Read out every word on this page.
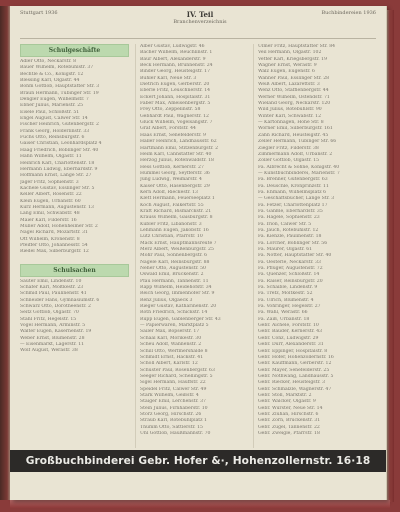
Stuttgart 1936	IV. Teil
Branchenverzeichnis
Buchbindereien 1936
Schulgeschäfte
Adler Otto, Neckarstr. 8
Bauer Wilhelm, Rotebühlstr. 37
Bechtle & Co., Königstr. 12
Blessing Karl, Olgastr. 44
Böhm Gottlob, Hauptstätter Str. 3
Braun Hermann, Tübinger Str. 19
Dengler Eugen, Wilhelmstr. 7
Ebner Julius, Marienstr. 25
Eisele Paul, Schloßstr. 51
Engel August, Calwer Str. 14
Fischer Heinrich, Gutenbergstr. 2
Frank Georg, Hölderlinstr. 33
Fuchs Otto, Reinsburgstr. 6
Gaiser Christian, Leonhardsplatz 4
Haag Friedrich, Böblinger Str. 40
Hahn Wilhelm, Olgastr. 11
Heinrich Karl, Charlottenstr. 18
Hermann Ludwig, Eberhardstr. 9
Hoffmann Ernst, Lange Str. 27
Jäger Fritz, Sophienstr. 3
Kächele Gustav, Esslinger Str. 5
Keller Albert, Rosenstr. 22
Klein Eugen, Urbanstr. 60
Kurz Hermann, Augustenstr. 13
Lang Emil, Schwabstr. 48
Maier Karl, Filderstr. 16
Müller Adolf, Hohenheimer Str. 2
Nagel Richard, Mozartstr. 31
Ott Wilhelm, Kronenstr. 8
Pfeiffer Otto, Johannesstr. 54
Riedel Max, Silberburgstr. 12
Schulsachen
Sauter Emil, Lindenstr. 10
Schäfer Karl, Moltkestr. 23
Schmid Paul, Paulinenstr. 41
Schneider Hans, Gymnasiumstr. 6
Schwarz Otto, Dorotheenstr. 2
Seitz Gottlob, Olgastr. 70
Stahl Fritz, Hegelstr. 15
Vogel Hermann, Arminstr. 5
Walter Eugen, Kasernenstr. 19
Weber Ernst, Blumenstr. 28
— Eisenmarkt, Lagerstr. 11
Wolf August, Werastr. 38
Alber Gustav, Ludwigstr. 46
Bacher Wilhelm, Reuchlinstr. 1
Baur Albert, Alexanderstr. 9
Beck Hermann, Brunnenstr. 24
Binder Georg, Heusteigstr. 17
Bühler Karl, Neue Str. 3
Dietrich Eugen, Gerberstr. 20
Eberle Fritz, Leuschnerstr. 14
Eckert Johann, Hospitalstr. 31
Faber Max, Ameisenbergstr. 5
Frey Otto, Zeppelinstr. 58
Gebhardt Paul, Wagnerstr. 12
Glück Wilhelm, Vogelsangstr. 7
Graf Albert, Forststr. 44
Haas Ernst, Senefelderstr. 9
Haller Heinrich, Landhausstr. 62
Hartmann Emil, Stitzenburgstr. 2
Heim Karl, Cannstatter Str. 40
Herzog Julius, Rotenwaldstr. 18
Hess Gottlob, Kernerstr. 27
Hummel Georg, Seyfferstr. 36
Jung Ludwig, Weimarstr. 4
Kaiser Otto, Hasenbergstr. 29
Kern Adolf, Rieckestr. 13
Klett Hermann, Feuerseeplatz 1
Koch August, Falkertstr. 55
Kraft Richard, Bismarckstr. 21
Krauss Wilhelm, Gaisburgstr. 8
Kübler Fritz, Libanonstr. 3
Lehmann Eugen, Jakobstr. 16
Lutz Christian, Pfarrstr. 10
Mack Ernst, Hauptmannsreute 7
Merz Albert, Weißenburgstr. 25
Mohr Paul, Sonnenbergstr. 6
Nägele Karl, Reinsburgstr. 88
Neher Otto, Augustenstr. 50
Oswald Emil, Brückenstr. 2
Pfau Hermann, Tannenstr. 11
Rapp Wilhelm, Heidehofstr. 34
Reich Georg, Immenhofer Str. 9
Renz Julius, Olgaeck 3
Rieger Gustav, Katharinenstr. 20
Roth Friedrich, Schickstr. 14
Rupp Eugen, Gablenberger Str. 43
— Papierwaren, Marktplatz 5
Sailer Max, Bopserstr. 17
Schaal Karl, Mörikestr. 30
Scheu Adolf, Wannenstr. 2
Schill Otto, Werfmershalde 8
Schmidt Ernst, Hackstr. 41
Schöll Albert, Karlstr. 12
Schuster Paul, Rosenbergstr. 63
Seeger Richard, Schellingstr. 5
Sigel Hermann, Hauffstr. 22
Speidel Fritz, Calwer Str. 49
Stark Wilhelm, Geißstr. 4
Staiger Emil, Lerchenstr. 37
Stein Julius, Firnhaberstr. 10
Storz Georg, Hirschstr. 26
Straub Karl, Rotebühlplatz 1
Thumm Otto, Sattlerstr. 15
Uhl Gottlob, Haußmannstr. 70
Ulmer Fritz, Hauptstätter Str. 84
Veil Hermann, Olgastr. 102
Vetter Karl, Kriegsbergstr. 19
Wagner Ernst, Werastr. 9
Walz Eugen, Eugenstr. 6
Wanner Paul, Esslinger Str. 28
Weiß Albert, Lazarettstr. 3
Wenz Otto, Stafflenbergstr. 44
Werner Wilhelm, Ostendstr. 71
Wieland Georg, Neckarstr. 120
Wild Julius, Rotebühlstr. 90
Winter Karl, Schwabstr. 12
— Kartonnagen, Hohe Str. 8
Wörner Emil, Silberburgstr. 161
Zahn Richard, Heusteigstr. 45
Zeller Hermann, Tübinger Str. 66
Ziegler Fritz, Filderstr. 38
Zimmermann Adolf, Urbanstr. 2
Zoller Gottlob, Olgastr. 15
Fa. Albrecht & Söhne, Königstr. 40
— Kunstbuchbinderei, Marienstr. 7
Fa. Brenner, Gutenbergstr. 63
Fa. Deuschle, Kronprinzstr. 11
Fa. Ehmann, Wilhelmsplatz 6
— Geschäftsbücher, Lange Str. 3
Fa. Fetzer, Charlottenplatz 17
Fa. Gänßle, Eberhardstr. 35
Fa. Hägele, Sophienstr. 23
Fa. Irion, Calwer Str. 5
Fa. Jauch, Rotebühlstr. 12
Fa. Kienzle, Paulinenstr. 18
Fa. Lörcher, Böblinger Str. 56
Fa. Maurer, Olgastr. 61
Fa. Notter, Hauptstätter Str. 40
Fa. Oesterle, Neckarstr. 33
Fa. Pflüger, Augustenstr. 72
Fa. Quenzer, Schloßstr. 14
Fa. Raiser, Reinsburgstr. 20
Fa. Schaible, Lindenstr. 9
Fa. Trefz, Moltkestr. 52
Fa. Ulrich, Blumenstr. 4
Fa. Vöhringer, Hegelstr. 27
Fa. Wahl, Werastr. 66
Fa. Zaiß, Urbanstr. 18
Gebr. Aichele, Forststr. 10
Gebr. Bauder, Kernerstr. 43
Gebr. Conz, Ludwigstr. 29
Gebr. Dürr, Alexanderstr. 31
Gebr. Eppinger, Hospitalstr. 8
Gebr. Hofer, Hohenzollernstr. 16
Gebr. Kauffmann, Gerberstr. 12
Gebr. Mayer, Senefelderstr. 25
Gebr. Nothwang, Landhausstr. 5
Gebr. Riecker, Heusteigstr. 3
Gebr. Schmälzle, Wagnerstr. 47
Gebr. Stoll, Marktstr. 2
Gebr. Walcker, Olgastr. 9
Gebr. Wurster, Neue Str. 14
Gebr. Zluhan, Hirschstr. 6
Gebr. Zorn, Brückenstr. 31
Gebr. Zügel, Tannenstr. 22
Gebr. Zweigle, Pfarrstr. 18
Großbuchbinderei Gebr. Hofer &·, Hohenzollernstr. 16·18
